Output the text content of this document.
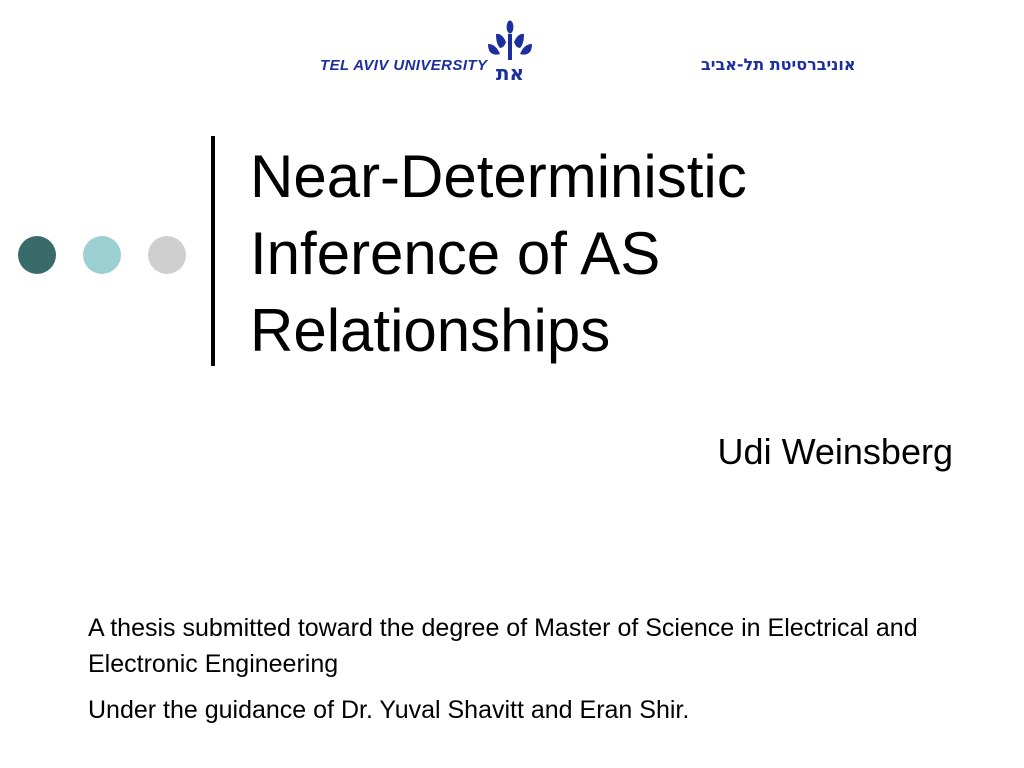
TEL AVIV UNIVERSITY את	אוניברסיטת תל-אביב
Near-Deterministic
Inference of AS
Relationships
Udi Weinsberg

A thesis submitted toward the degree of Master of Science in Electrical and Electronic Engineering

Under the guidance of Dr. Yuval Shavitt and Eran Shir.
